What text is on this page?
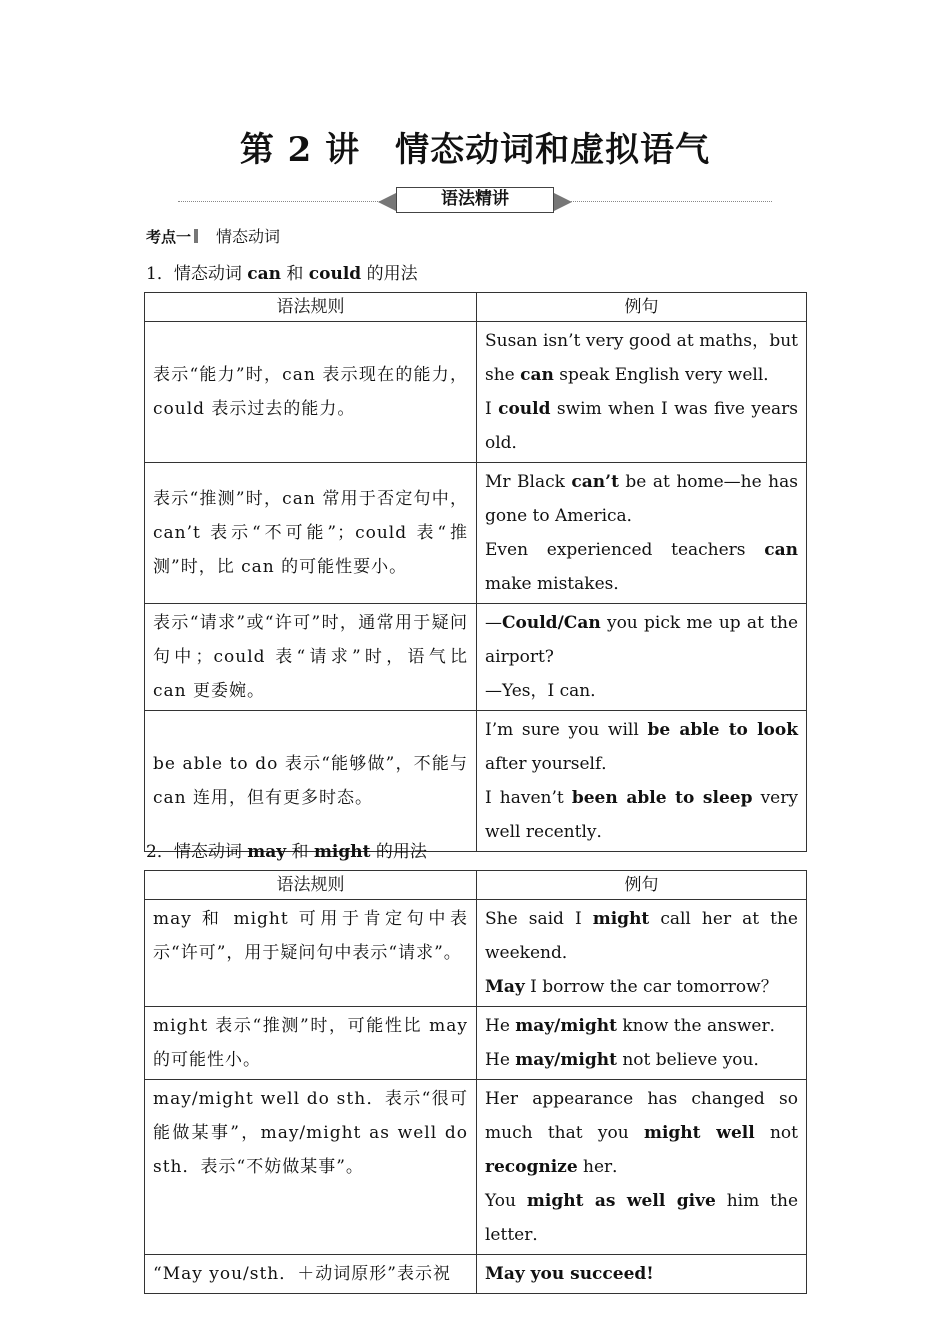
第 2 讲　情态动词和虚拟语气
语法精讲
考点一 情态动词
1．情态动词 can 和 could 的用法
语法规则	例句
表示“能力”时，can 表示现在的能力，could 表示过去的能力。	Susan isn’t very good at maths，but she can speak English very well．

I could swim when I was five years old．

表示“推测”时，can 常用于否定句中，can’t 表示“不可能”；could 表“推测”时，比 can 的可能性要小。	Mr Black can’t be at home—he has gone to America．

Even experienced teachers can make mistakes．

表示“请求”或“许可”时，通常用于疑问句中；could 表“请求”时，语气比 can 更委婉。	—Could/Can you pick me up at the airport?

—Yes，I can．

be able to do 表示“能够做”，不能与 can 连用，但有更多时态。	I’m sure you will be able to look after yourself．

I haven’t been able to sleep very well recently．

2．情态动词 may 和 might 的用法
语法规则	例句
may 和 might 可用于肯定句中表示“许可”，用于疑问句中表示“请求”。	She said I might call her at the weekend．

May I borrow the car tomorrow？

might 表示“推测”时，可能性比 may 的可能性小。	He may/might know the answer．

He may/might not believe you．

may/might well do sth．表示“很可能做某事”，may/might as well do sth．表示“不妨做某事”。	Her appearance has changed so much that you might well not recognize her．

You might as well give him the letter．

“May you/sth．＋动词原形”表示祝	May you succeed!
